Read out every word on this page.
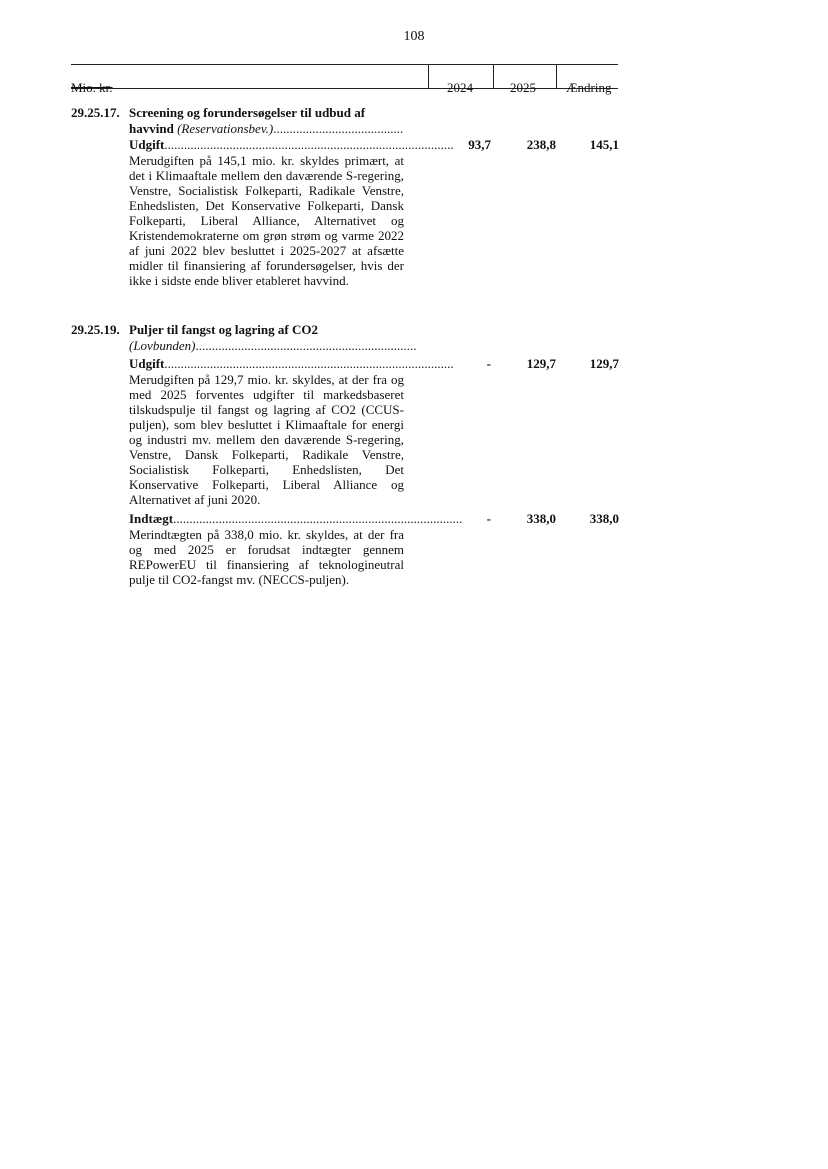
108
Mio. kr.	2024	2025 Ændring
29.25.17. Screening og forundersøgelser til udbud af havvind (Reservationsbev.)........................................
Udgift.........................................................................................	93,7	238,8	145,1
Merudgiften på 145,1 mio. kr. skyldes primært, at det i Klimaaftale mellem den daværende S-regering, Venstre, Socialistisk Folkeparti, Radikale Venstre, Enhedslisten, Det Konservative Folkeparti, Dansk Folkeparti, Liberal Alliance, Alternativet og Kristendemokraterne om grøn strøm og varme 2022 af juni 2022 blev besluttet i 2025-2027 at afsætte midler til finansiering af forundersøgelser, hvis der ikke i sidste ende bliver etableret havvind.
29.25.19. Puljer til fangst og lagring af CO2
(Lovbunden)....................................................................
Udgift.........................................................................................	-	129,7	129,7
Merudgiften på 129,7 mio. kr. skyldes, at der fra og med 2025 forventes udgifter til markedsbaseret tilskudspulje til fangst og lagring af CO2 (CCUS-puljen), som blev besluttet i Klimaaftale for energi og industri mv. mellem den daværende S-regering, Venstre, Dansk Folkeparti, Radikale Venstre, Socialistisk Folkeparti, Enhedslisten, Det Konservative Folkeparti, Liberal Alliance og Alternativet af juni 2020.
Indtægt.........................................................................................	-	338,0	338,0
Merindtægten på 338,0 mio. kr. skyldes, at der fra og med 2025 er forudsat indtægter gennem REPowerEU til finansiering af teknologineutral pulje til CO2-fangst mv. (NECCS-puljen).
